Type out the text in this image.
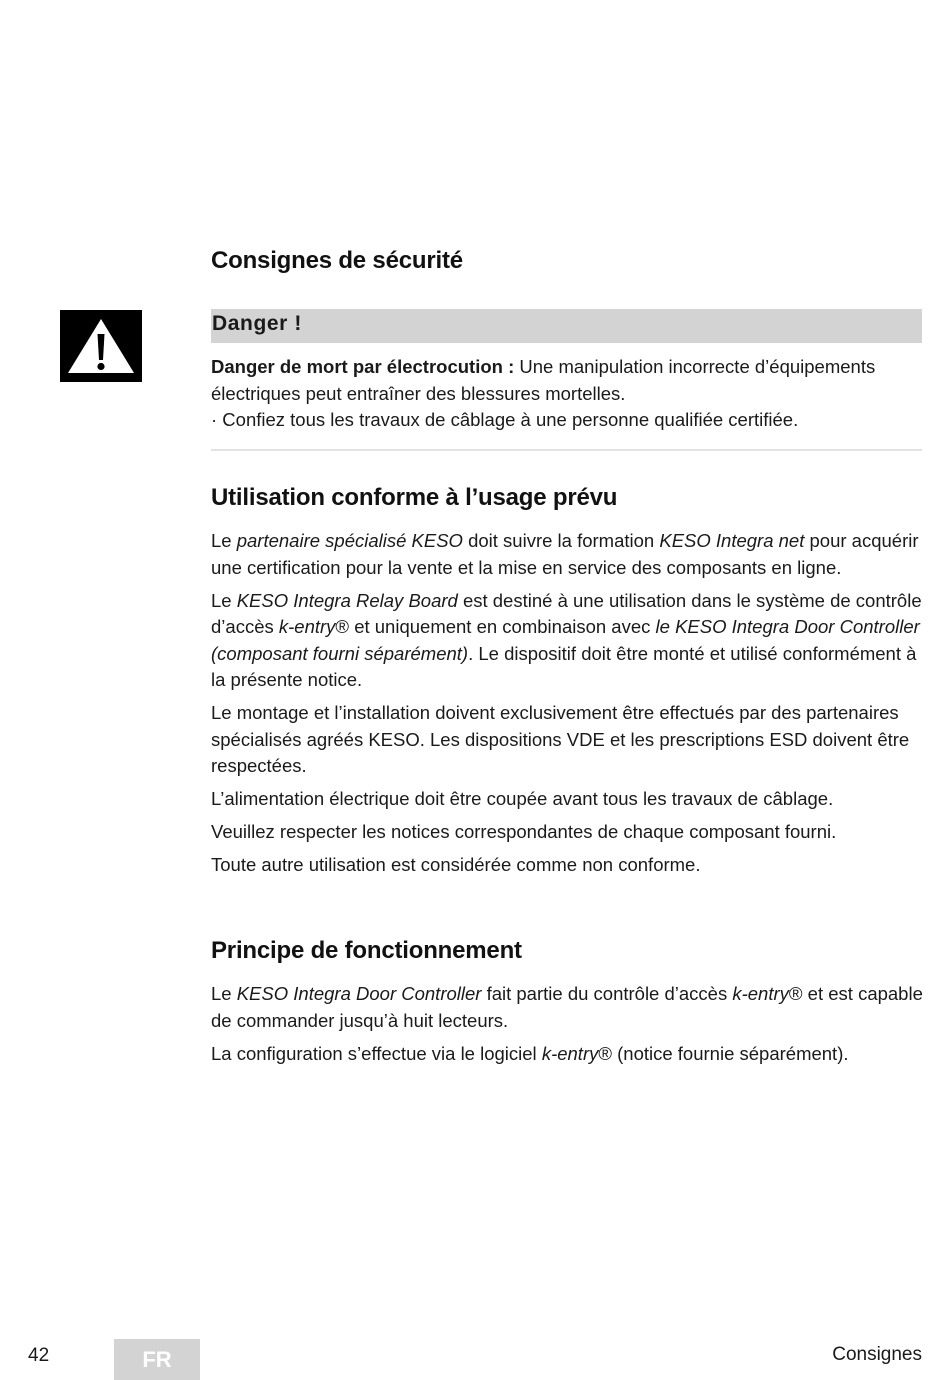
Consignes de sécurité
Danger !

Danger de mort par électrocution : Une manipulation incorrecte d’équipements électriques peut entraîner des blessures mortelles.

· Confiez tous les travaux de câblage à une personne qualifiée certifiée.

Utilisation conforme à l’usage prévu

Le partenaire spécialisé KESO doit suivre la formation KESO Integra net pour acquérir une certification pour la vente et la mise en service des composants en ligne.

Le KESO Integra Relay Board est destiné à une utilisation dans le système de contrôle d’accès k-entry® et uniquement en combinaison avec le KESO Integra Door Controller (composant fourni séparément). Le dispositif doit être monté et utilisé conformément à la présente notice.

Le montage et l’installation doivent exclusivement être effectués par des partenaires spécialisés agréés KESO. Les dispositions VDE et les prescriptions ESD doivent être respectées.

L’alimentation électrique doit être coupée avant tous les travaux de câblage.

Veuillez respecter les notices correspondantes de chaque composant fourni.

Toute autre utilisation est considérée comme non conforme.

Principe de fonctionnement

Le KESO Integra Door Controller fait partie du contrôle d’accès k-entry® et est capable de commander jusqu’à huit lecteurs.

La configuration s’effectue via le logiciel k-entry® (notice fournie séparément).

42	FR	Consignes
